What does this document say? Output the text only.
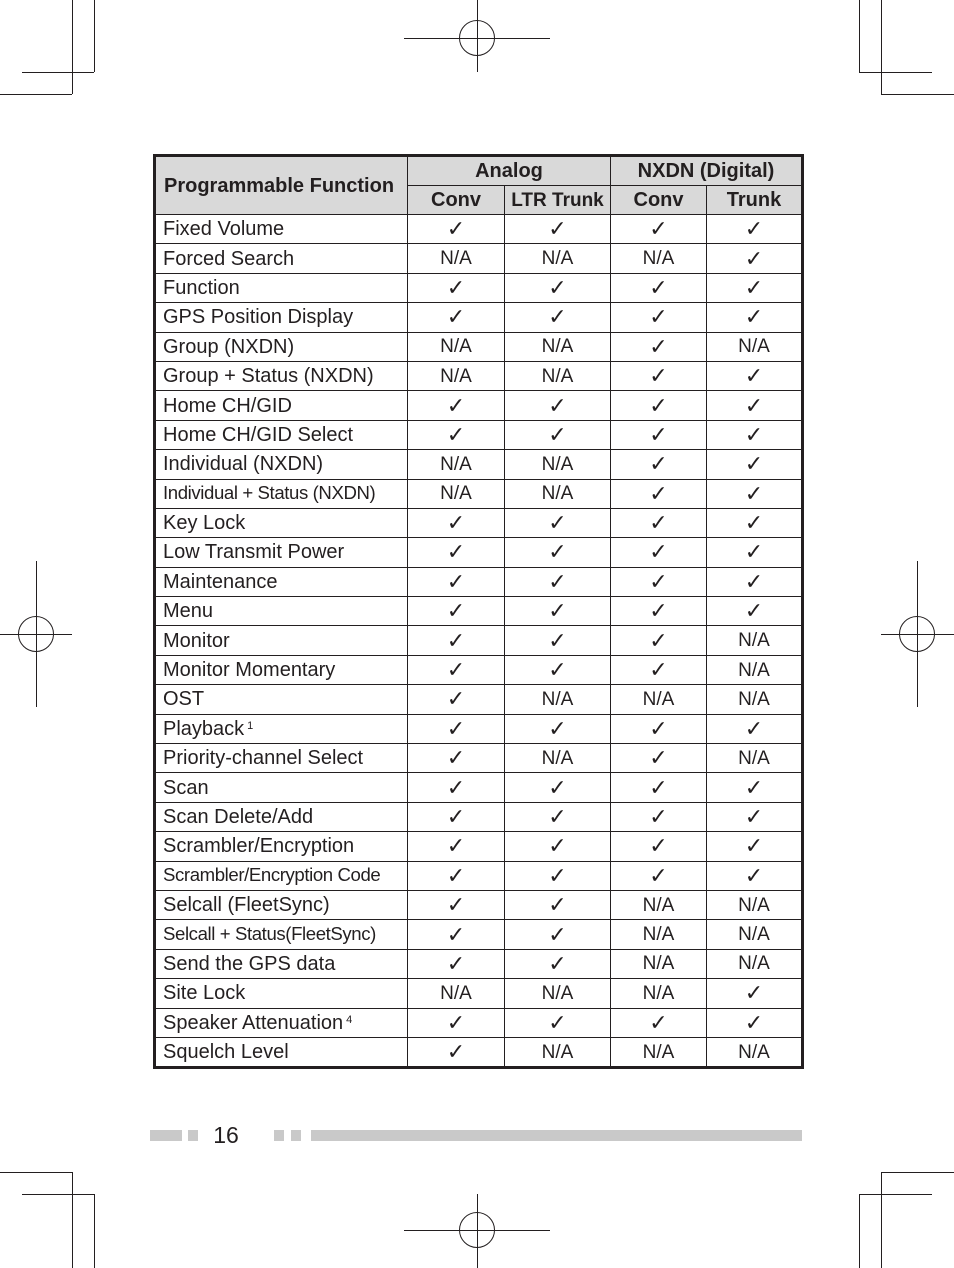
Programmable Function	Analog		NXDN (Digital)	
	Conv	LTR Trunk	Conv	Trunk
Fixed Volume	✓	✓	✓	✓
Forced Search	N/A	N/A	N/A	✓
Function	✓	✓	✓	✓
GPS Position Display	✓	✓	✓	✓
Group (NXDN)	N/A	N/A	✓	N/A
Group + Status (NXDN)	N/A	N/A	✓	✓
Home CH/GID	✓	✓	✓	✓
Home CH/GID Select	✓	✓	✓	✓
Individual (NXDN)	N/A	N/A	✓	✓
Individual + Status (NXDN)	N/A	N/A	✓	✓
Key Lock	✓	✓	✓	✓
Low Transmit Power	✓	✓	✓	✓
Maintenance	✓	✓	✓	✓
Menu	✓	✓	✓	✓
Monitor	✓	✓	✓	N/A
Monitor Momentary	✓	✓	✓	N/A
OST	✓	N/A	N/A	N/A
Playback $^1$	✓	✓	✓	✓
Priority-channel Select	✓	N/A	✓	N/A
Scan	✓	✓	✓	✓
Scan Delete/Add	✓	✓	✓	✓
Scrambler/Encryption	✓	✓	✓	✓
Scrambler/Encryption Code	✓	✓	✓	✓
Selcall (FleetSync)	✓	✓	N/A	N/A
Selcall + Status(FleetSync)	✓	✓	N/A	N/A
Send the GPS data	✓	✓	N/A	N/A
Site Lock	N/A	N/A	N/A	✓
Speaker Attenuation $^4$	✓	✓	✓	✓
Squelch Level	✓	N/A	N/A	N/A
16
